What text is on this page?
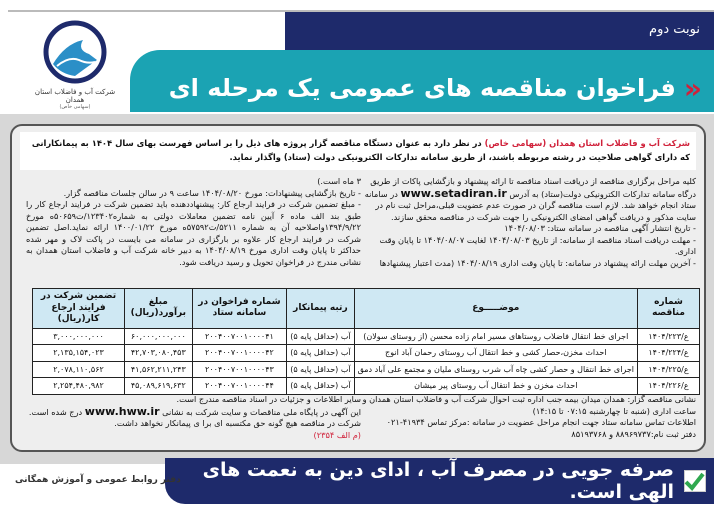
نوبت دوم
«
فراخوان مناقصه های عمومی یک مرحله ای
شرکت آب و فاضلاب استان همدان
(سهامی خاص)
شرکت آب و فاضلاب استان همدان (سهامی خاص) در نظر دارد به عنوان دستگاه مناقصه گزار پروژه های ذیل را بر اساس فهرست بهای سال ۱۴۰۴ به پیمانکارانی که دارای گواهی صلاحیت در رشته مربوطه باشند، از طریق سامانه تدارکات الکترونیکی دولت (ستاد) واگذار نماید.
کلیه مراحل برگزاری مناقصه از دریافت اسناد مناقصه تا ارائه پیشنهاد و بازگشایی پاکات از طریق درگاه سامانه تدارکات الکترونیکی دولت(ستاد) به آدرس www.setadiran.ir در سامانه ستاد انجام خواهد شد. لازم است مناقصه گران در صورت عدم عضویت قبلی،مراحل ثبت نام در سایت مذکور و دریافت گواهی امضای الکترونیکی را جهت شرکت در مناقصه محقق سازند.
- تاریخ انتشار آگهی مناقصه در سامانه ستاد: ۱۴۰۴/۰۸/۰۳
- مهلت دریافت اسناد مناقصه از سامانه: از تاریخ ۱۴۰۴/۰۸/۰۳ لغایت ۱۴۰۴/۰۸/۰۷ تا پایان وقت اداری.
- آخرین مهلت ارائه پیشنهاد در سامانه: تا پایان وقت اداری ۱۴۰۴/۰۸/۱۹ (مدت اعتبار پیشنهادها
۳ ماه است.)
- تاریخ بازگشایی پیشنهادات: مورخ ۱۴۰۴/۰۸/۲۰ ساعت ۹ در سالن جلسات مناقصه گزار.
- مبلغ تضمین شرکت در فرایند ارجاع کار: پیشنهاددهنده باید تضمین شرکت در فرایند ارجاع کار را طبق بند الف ماده ۶ آیین نامه تضمین معاملات دولتی به شماره۱۲۳۴۰۲/ت۵۰۶۵۹ه مورخ ۱۳۹۴/۹/۲۲واصلاحیه آن به شماره ۵۲۱۱/ت۵۷۵۹۲ه مورخ ۱۴۰۰/۰۱/۲۲ ارائه نماید.اصل تضمین شرکت در فرایند ارجاع کار علاوه بر بارگزاری در سامانه می بایست در پاکت لاک و مهر شده حداکثر تا پایان وقت اداری مورخ ۱۴۰۴/۰۸/۱۹ به دبیر خانه شرکت آب و فاضلاب استان همدان به نشانی مندرج در فراخوان تحویل و رسید دریافت شود.
شماره مناقصه	موضـــــوع	رتبه پیمانکار	شماره فراخوان در سامانه ستاد	مبلغ برآورد(ریال)	تضمین شرکت در فرایند ارجاع کار(ریال)
ع/۱۴۰۴/۲۲۳	اجرای خط انتقال فاضلاب روستاهای مسیر امام زاده محسن (از روستای سولان)	آب (حداقل پایه ۵)	۲۰۰۴۰۰۷۰۰۱۰۰۰۰۴۱	۶۰,۰۰۰,۰۰۰,۰۰۰	۳,۰۰۰,۰۰۰,۰۰۰
ع/۱۴۰۴/۲۲۴	احداث مخزن،حصار کشی و خط انتقال آب روستای رحمان آباد انوج	آب (حداقل پایه ۵)	۲۰۰۴۰۰۷۰۰۱۰۰۰۰۴۲	۴۲,۷۰۳,۰۸۰,۴۵۳	۲,۱۳۵,۱۵۴,۰۲۳
ع/۱۴۰۴/۲۲۵	اجرای خط انتقال و حصار کشی چاه آب شرب روستای ملیان و مجتمع علی آباد دمق	آب (حداقل پایه ۵)	۲۰۰۴۰۰۷۰۰۱۰۰۰۰۴۳	۴۱,۵۶۲,۲۱۱,۲۴۳	۲,۰۷۸,۱۱۰,۵۶۲
ع/۱۴۰۴/۲۲۶	احداث مخزن و خط انتقال آب روستای پیر میشان	آب (حداقل پایه ۵)	۲۰۰۴۰۰۷۰۰۱۰۰۰۰۴۴	۴۵,۰۸۹,۶۱۹,۶۳۲	۲,۲۵۴,۴۸۰,۹۸۲
نشانی مناقصه گزار: همدان میدان بیمه جنب اداره ثبت احوال شرکت آب و فاضلاب استان همدان و ساعت اداری (شنبه تا چهارشنبه ۰۷:۱۵ تا ۱۴:۱۵)
اطلاعات تماس سامانه ستاد جهت انجام مراحل عضویت در سامانه :مرکز تماس ۴۱۹۳۴-۰۲۱
دفتر ثبت نام:۸۸۹۶۹۷۳۷ و ۸۵۱۹۳۷۶۸
سایر اطلاعات و جزئیات در اسناد مناقصه مندرج است.
این آگهی در پایگاه ملی مناقصات و سایت شرکت به نشانی www.hww.ir درج شده است.
شرکت در مناقصه هیچ گونه حق مکتسبه ای برا ی پیمانکار نخواهد داشت.
(م الف ۲۳۵۴)
صرفه جویی در مصرف آب ، ادای دین به نعمت های الهی است.
دفتر روابط عمومی و آموزش همگانی
